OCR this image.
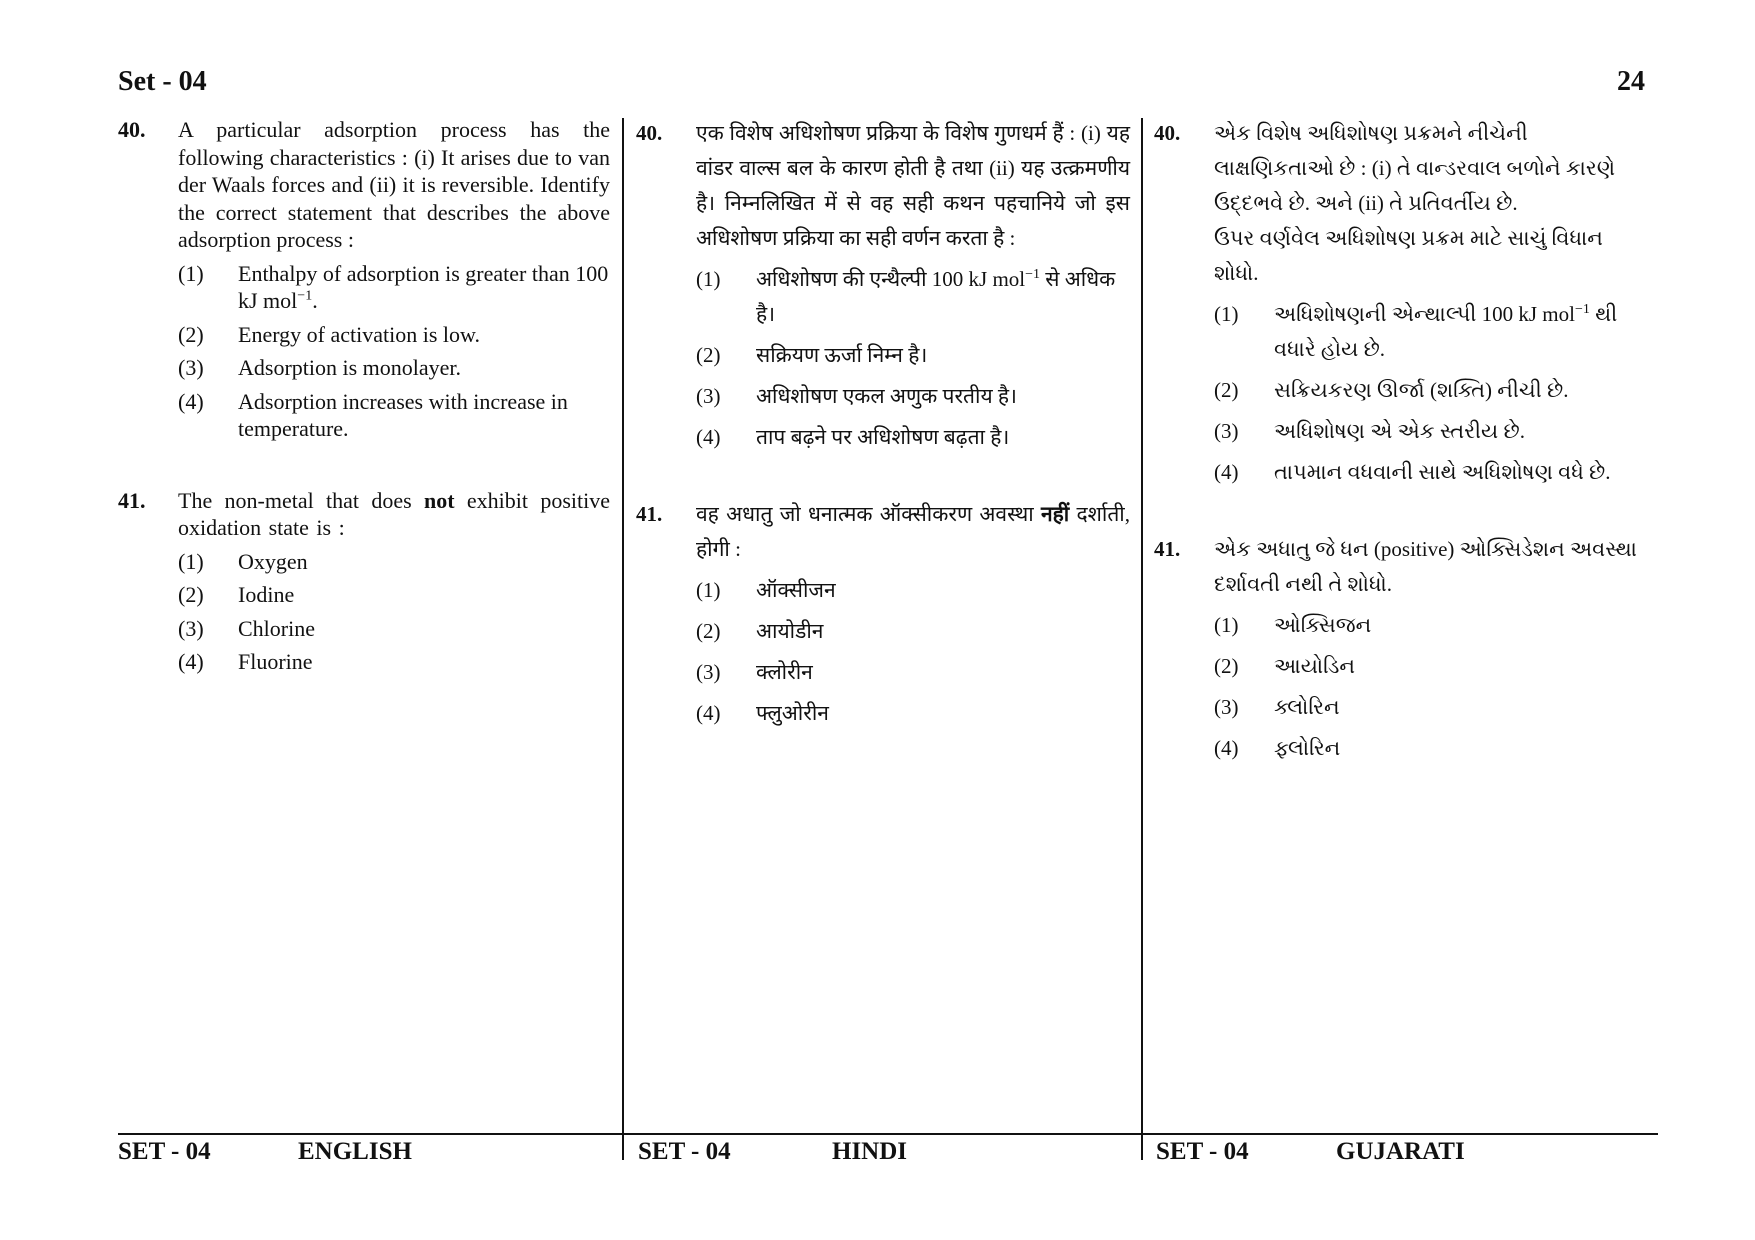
Set - 04	24
40.	A particular adsorption process has the following characteristics : (i) It arises due to van der Waals forces and (ii) it is reversible. Identify the correct statement that describes the above adsorption process :
(1)	Enthalpy of adsorption is greater than 100 kJ mol$^{-1}$.
(2)	Energy of activation is low.
(3)	Adsorption is monolayer.
(4)	Adsorption increases with increase in temperature.
41.	The non-metal that does not exhibit positive oxidation state is :
(1)	Oxygen
(2)	Iodine
(3)	Chlorine
(4)	Fluorine
40.	एक विशेष अधिशोषण प्रक्रिया के विशेष गुणधर्म हैं : (i) यह वांडर वाल्स बल के कारण होती है तथा (ii) यह उत्क्रमणीय है। निम्नलिखित में से वह सही कथन पहचानिये जो इस अधिशोषण प्रक्रिया का सही वर्णन करता है :
(1)	अधिशोषण की एन्थैल्पी 100 kJ mol$^{-1}$ से अधिक है।
(2)	सक्रियण ऊर्जा निम्न है।
(3)	अधिशोषण एकल अणुक परतीय है।
(4)	ताप बढ़ने पर अधिशोषण बढ़ता है।
41.	वह अधातु जो धनात्मक ऑक्सीकरण अवस्था नहीं दर्शाती, होगी :
(1)	ऑक्सीजन
(2)	आयोडीन
(3)	क्लोरीन
(4)	फ्लुओरीन
40.	એક વિશેષ અધિશોષણ પ્રક્રમને નીચેની લાક્ષણિકતાઓ છે : (i) તે વાન્ડરવાલ બળોને કારણે ઉદ્દભવે છે. અને (ii) તે પ્રતિવર્તીય છે.
ઉપર વર્ણવેલ અધિશોષણ પ્રક્રમ માટે સાચું વિધાન શોધો.
(1)	અધિશોષણની એન્થાલ્પી 100 kJ mol$^{-1}$ થી વધારે હોય છે.
(2)	સક્રિયકરણ ઊર્જા (શક્તિ) નીચી છે.
(3)	અધિશોષણ એ એક સ્તરીય છે.
(4)	તાપમાન વધવાની સાથે અધિશોષણ વધે છે.
41.	એક અધાતુ જે ધન (positive) ઓક્સિડેશન અવસ્થા દર્શાવતી નથી તે શોધો.
(1)	ઓક્સિજન
(2)	આયોડિન
(3)	ક્લોરિન
(4)	ફ્લોરિન
SET - 04	ENGLISH	SET - 04	HINDI	SET - 04	GUJARATI
